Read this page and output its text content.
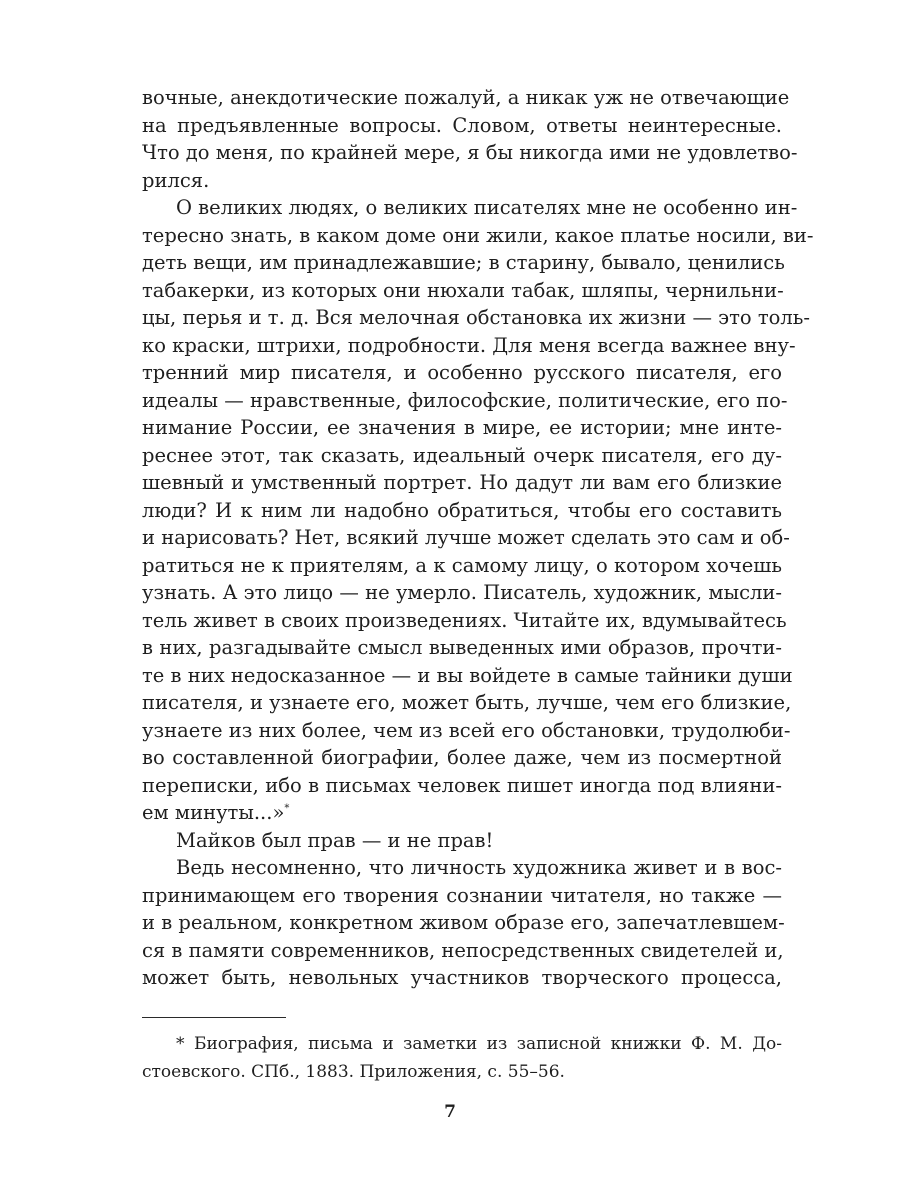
вочные, анекдотические пожалуй, а никак уж не отвечающие
на предъявленные вопросы. Словом, ответы неинтересные.
Что до меня, по крайней мере, я бы никогда ими не удовлетво-
рился.
О великих людях, о великих писателях мне не особенно ин-
тересно знать, в каком доме они жили, какое платье носили, ви-
деть вещи, им принадлежавшие; в старину, бывало, ценились
табакерки, из которых они нюхали табак, шляпы, чернильни-
цы, перья и т. д. Вся мелочная обстановка их жизни — это толь-
ко краски, штрихи, подробности. Для меня всегда важнее вну-
тренний мир писателя, и особенно русского писателя, его
идеалы — нравственные, философские, политические, его по-
нимание России, ее значения в мире, ее истории; мне инте-
реснее этот, так сказать, идеальный очерк писателя, его ду-
шевный и умственный портрет. Но дадут ли вам его близкие
люди? И к ним ли надобно обратиться, чтобы его составить
и нарисовать? Нет, всякий лучше может сделать это сам и об-
ратиться не к приятелям, а к самому лицу, о котором хочешь
узнать. А это лицо — не умерло. Писатель, художник, мысли-
тель живет в своих произведениях. Читайте их, вдумывайтесь
в них, разгадывайте смысл выведенных ими образов, прочти-
те в них недосказанное — и вы войдете в самые тайники души
писателя, и узнаете его, может быть, лучше, чем его близкие,
узнаете из них более, чем из всей его обстановки, трудолюби-
во составленной биографии, более даже, чем из посмертной
переписки, ибо в письмах человек пишет иногда под влияни-
ем минуты...»*
Майков был прав — и не прав!
Ведь несомненно, что личность художника живет и в вос-
принимающем его творения сознании читателя, но также —
и в реальном, конкретном живом образе его, запечатлевшем-
ся в памяти современников, непосредственных свидетелей и,
может быть, невольных участников творческого процесса,
* Биография, письма и заметки из записной книжки Ф. М. До-
стоевского. СПб., 1883. Приложения, с. 55–56.
7
